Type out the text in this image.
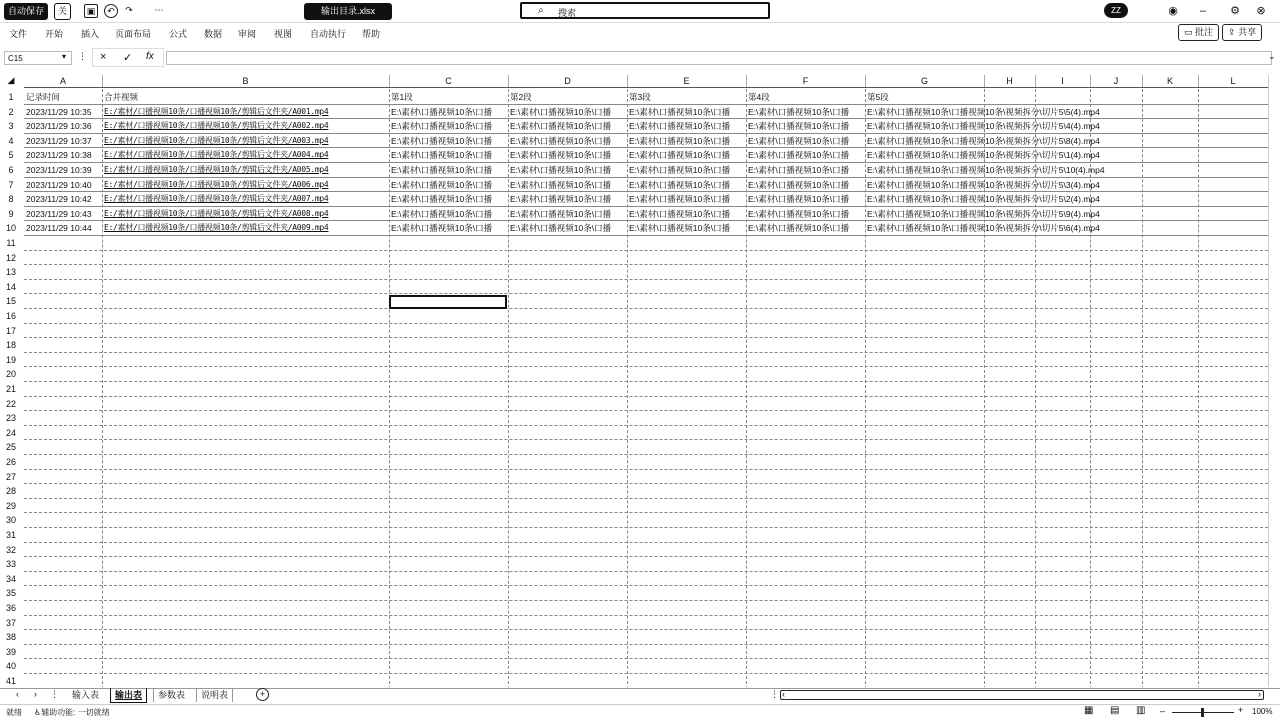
自动保存	关	▣	↶	↷	⋯	输出目录.xlsx	⌕ 搜索	ZZ	◉	–	⚙ ⊗
文件 开始 插入 页面布局 公式 数据 审阅 视图 自动执行 帮助	▭ 批注	⇪ 共享
C15	▾ ⋮ × ✓ fx	⌄
◢	A	B	C	D	E	F	G	H	I	J	K	L
1
2
3
4
5
6
7
8
9
10
11
12
13
14
15
16
17
18
19
20
21
22
23
24
25
26
27
28
29
30
31
32
33
34
35
36
37
38
39
40
41
记录时间	合并视频	第1段	第2段	第3段	第4段	第5段
2023/11/29 10:35	E:/素材/口播视频10条/口播视频10条/剪辑后文件夹/A001.mp4	E:\素材\口播视频10条\口播	E:\素材\口播视频10条\口播	E:\素材\口播视频10条\口播	E:\素材\口播视频10条\口播	E:\素材\口播视频10条\口播视频10条\视频拆分\切片5\5(4).mp4
2023/11/29 10:36	E:/素材/口播视频10条/口播视频10条/剪辑后文件夹/A002.mp4	E:\素材\口播视频10条\口播	E:\素材\口播视频10条\口播	E:\素材\口播视频10条\口播	E:\素材\口播视频10条\口播	E:\素材\口播视频10条\口播视频10条\视频拆分\切片5\4(4).mp4
2023/11/29 10:37	E:/素材/口播视频10条/口播视频10条/剪辑后文件夹/A003.mp4	E:\素材\口播视频10条\口播	E:\素材\口播视频10条\口播	E:\素材\口播视频10条\口播	E:\素材\口播视频10条\口播	E:\素材\口播视频10条\口播视频10条\视频拆分\切片5\8(4).mp4
2023/11/29 10:38	E:/素材/口播视频10条/口播视频10条/剪辑后文件夹/A004.mp4	E:\素材\口播视频10条\口播	E:\素材\口播视频10条\口播	E:\素材\口播视频10条\口播	E:\素材\口播视频10条\口播	E:\素材\口播视频10条\口播视频10条\视频拆分\切片5\1(4).mp4
2023/11/29 10:39	E:/素材/口播视频10条/口播视频10条/剪辑后文件夹/A005.mp4	E:\素材\口播视频10条\口播	E:\素材\口播视频10条\口播	E:\素材\口播视频10条\口播	E:\素材\口播视频10条\口播	E:\素材\口播视频10条\口播视频10条\视频拆分\切片5\10(4).mp4
2023/11/29 10:40	E:/素材/口播视频10条/口播视频10条/剪辑后文件夹/A006.mp4	E:\素材\口播视频10条\口播	E:\素材\口播视频10条\口播	E:\素材\口播视频10条\口播	E:\素材\口播视频10条\口播	E:\素材\口播视频10条\口播视频10条\视频拆分\切片5\3(4).mp4
2023/11/29 10:42	E:/素材/口播视频10条/口播视频10条/剪辑后文件夹/A007.mp4	E:\素材\口播视频10条\口播	E:\素材\口播视频10条\口播	E:\素材\口播视频10条\口播	E:\素材\口播视频10条\口播	E:\素材\口播视频10条\口播视频10条\视频拆分\切片5\2(4).mp4
2023/11/29 10:43	E:/素材/口播视频10条/口播视频10条/剪辑后文件夹/A008.mp4	E:\素材\口播视频10条\口播	E:\素材\口播视频10条\口播	E:\素材\口播视频10条\口播	E:\素材\口播视频10条\口播	E:\素材\口播视频10条\口播视频10条\视频拆分\切片5\9(4).mp4
2023/11/29 10:44	E:/素材/口播视频10条/口播视频10条/剪辑后文件夹/A009.mp4	E:\素材\口播视频10条\口播	E:\素材\口播视频10条\口播	E:\素材\口播视频10条\口播	E:\素材\口播视频10条\口播	E:\素材\口播视频10条\口播视频10条\视频拆分\切片5\6(4).mp4
‹ › ⋮	输入表	输出表	参数表	说明表	+	⋮ ‹	›
就绪 ♿辅助功能: 一切就绪	▦ ▤ ▥ –	+ 100%
